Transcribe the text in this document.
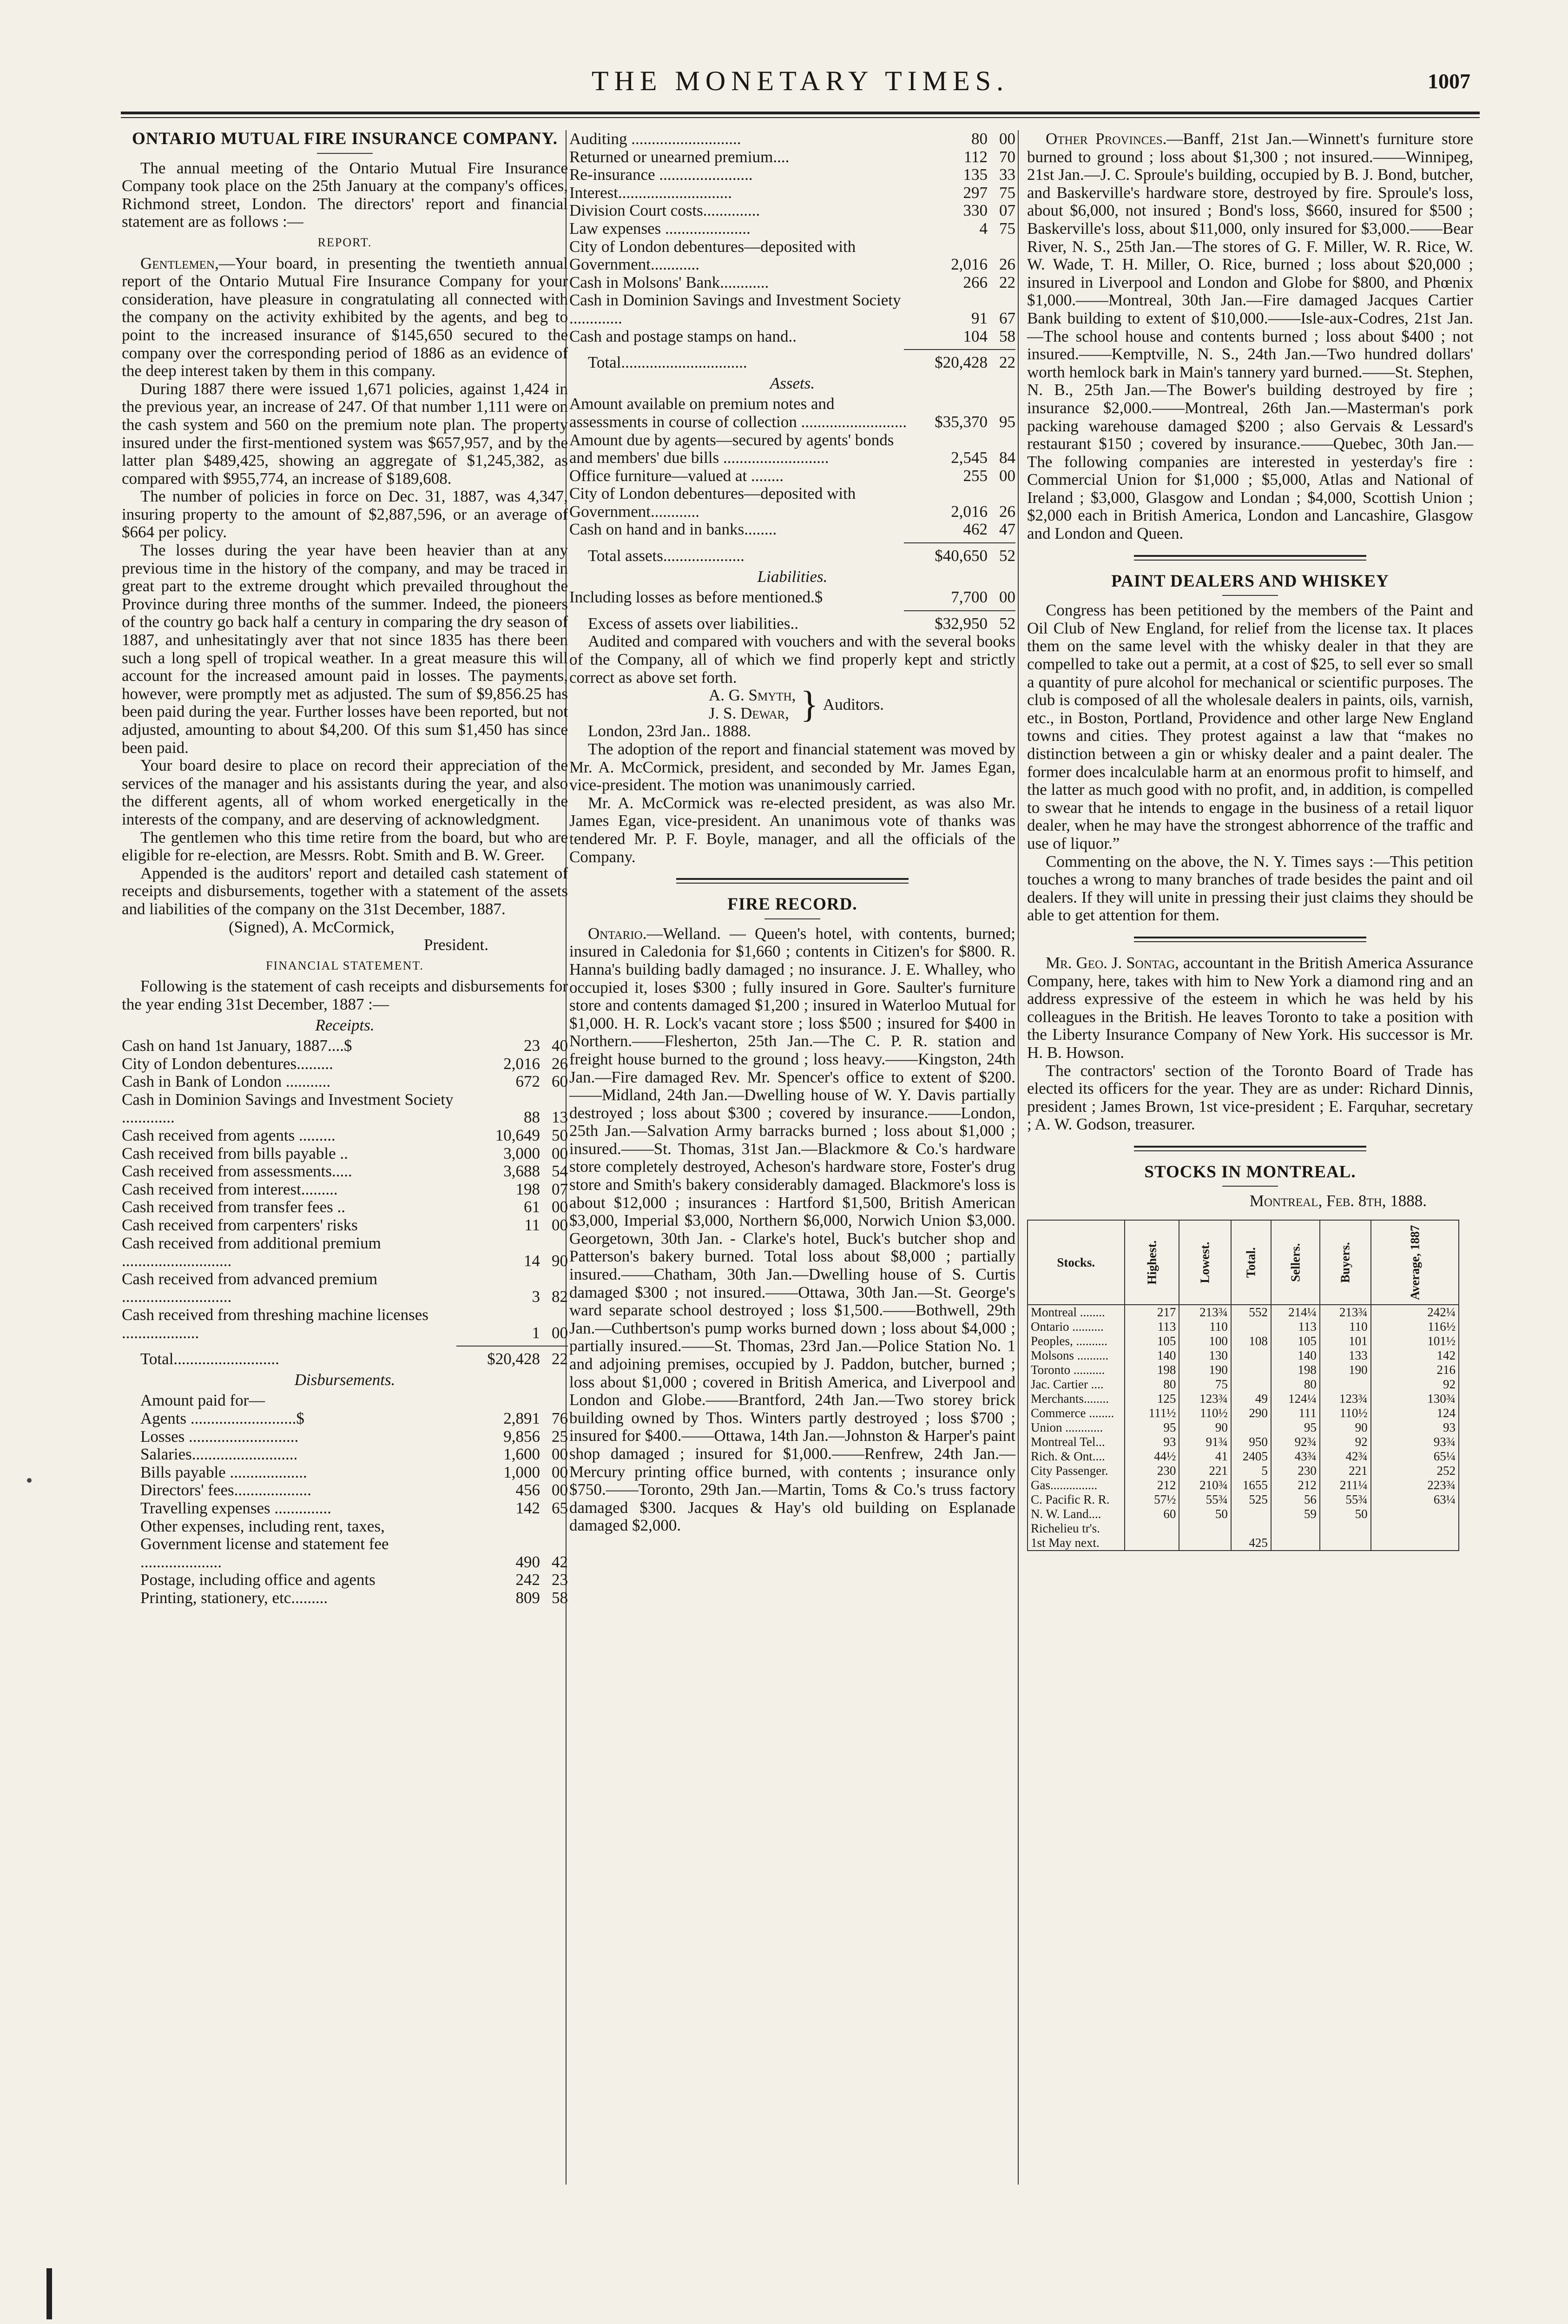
THE MONETARY TIMES.	1007
ONTARIO MUTUAL FIRE INSURANCE COMPANY.

The annual meeting of the Ontario Mutual Fire Insurance Company took place on the 25th January at the company's offices, Richmond street, London. The directors' report and financial statement are as follows :—

REPORT.

Gentlemen,—Your board, in presenting the twentieth annual report of the Ontario Mutual Fire Insurance Company for your consideration, have pleasure in congratulating all connected with the company on the activity exhibited by the agents, and beg to point to the increased insurance of $145,650 secured to the company over the corresponding period of 1886 as an evidence of the deep interest taken by them in this company.

During 1887 there were issued 1,671 policies, against 1,424 in the previous year, an increase of 247. Of that number 1,111 were on the cash system and 560 on the premium note plan. The property insured under the first-mentioned system was $657,957, and by the latter plan $489,425, showing an aggregate of $1,245,382, as compared with $955,774, an increase of $189,608.

The number of policies in force on Dec. 31, 1887, was 4,347, insuring property to the amount of $2,887,596, or an average of $664 per policy.

The losses during the year have been heavier than at any previous time in the history of the company, and may be traced in great part to the extreme drought which prevailed throughout the Province during three months of the summer. Indeed, the pioneers of the country go back half a century in comparing the dry season of 1887, and unhesitatingly aver that not since 1835 has there been such a long spell of tropical weather. In a great measure this will account for the increased amount paid in losses. The payments, however, were promptly met as adjusted. The sum of $9,856.25 has been paid during the year. Further losses have been reported, but not adjusted, amounting to about $4,200. Of this sum $1,450 has since been paid.

Your board desire to place on record their appreciation of the services of the manager and his assistants during the year, and also the different agents, all of whom worked energetically in the interests of the company, and are deserving of acknowledgment.

The gentlemen who this time retire from the board, but who are eligible for re-election, are Messrs. Robt. Smith and B. W. Greer.

Appended is the auditors' report and detailed cash statement of receipts and disbursements, together with a statement of the assets and liabilities of the company on the 31st December, 1887.

(Signed), A. McCormick,
President.
FINANCIAL STATEMENT.

Following is the statement of cash receipts and disbursements for the year ending 31st December, 1887 :—

Receipts.
Cash on hand 1st January, 1887....$	23 40
City of London debentures.........	2,016 26
Cash in Bank of London ...........	672 60
Cash in Dominion Savings and Investment Society .............	88 13
Cash received from agents .........	10,649 50
Cash received from bills payable ..	3,000 00
Cash received from assessments.....	3,688 54
Cash received from interest.........	198 07
Cash received from transfer fees ..	61 00
Cash received from carpenters' risks	11 00
Cash received from additional premium ...........................	14 90
Cash received from advanced premium ...........................	3 82
Cash received from threshing machine licenses ...................	1 00
Total..........................	$20,428 22
Disbursements.
Amount paid for—
Agents ..........................$	2,891 76
Losses ...........................	9,856 25
Salaries..........................	1,600 00
Bills payable ...................	1,000 00
Directors' fees...................	456 00
Travelling expenses ..............	142 65
Other expenses, including rent, taxes, Government license and statement fee ....................	490 42
Postage, including office and agents	242 23
Printing, stationery, etc.........	809 58
Auditing ...........................	80 00
Returned or unearned premium....	112 70
Re-insurance .......................	135 33
Interest............................	297 75
Division Court costs..............	330 07
Law expenses .....................	4 75
City of London debentures—deposited with Government............	2,016 26
Cash in Molsons' Bank............	266 22
Cash in Dominion Savings and Investment Society .............	91 67
Cash and postage stamps on hand..	104 58
Total...............................	$20,428 22
Assets.
Amount available on premium notes and assessments in course of collection ..........................	$35,370 95
Amount due by agents—secured by agents' bonds and members' due bills ..........................	2,545 84
Office furniture—valued at ........	255 00
City of London debentures—deposited with Government............	2,016 26
Cash on hand and in banks........	462 47
Total assets....................	$40,650 52
Liabilities.
Including losses as before mentioned.$	7,700 00
Excess of assets over liabilities..	$32,950 52

Audited and compared with vouchers and with the several books of the Company, all of which we find properly kept and strictly correct as above set forth.

A. G. Smyth,
J. S. Dewar, } Auditors.
London, 23rd Jan.. 1888.

The adoption of the report and financial statement was moved by Mr. A. McCormick, president, and seconded by Mr. James Egan, vice-president. The motion was unanimously carried.

Mr. A. McCormick was re-elected president, as was also Mr. James Egan, vice-president. An unanimous vote of thanks was tendered Mr. P. F. Boyle, manager, and all the officials of the Company.

FIRE RECORD.

Ontario.—Welland. — Queen's hotel, with contents, burned; insured in Caledonia for $1,660 ; contents in Citizen's for $800. R. Hanna's building badly damaged ; no insurance. J. E. Whalley, who occupied it, loses $300 ; fully insured in Gore. Saulter's furniture store and contents damaged $1,200 ; insured in Waterloo Mutual for $1,000. H. R. Lock's vacant store ; loss $500 ; insured for $400 in Northern.——Flesherton, 25th Jan.—The C. P. R. station and freight house burned to the ground ; loss heavy.——Kingston, 24th Jan.—Fire damaged Rev. Mr. Spencer's office to extent of $200.——Midland, 24th Jan.—Dwelling house of W. Y. Davis partially destroyed ; loss about $300 ; covered by insurance.——London, 25th Jan.—Salvation Army barracks burned ; loss about $1,000 ; insured.——St. Thomas, 31st Jan.—Blackmore & Co.'s hardware store completely destroyed, Acheson's hardware store, Foster's drug store and Smith's bakery considerably damaged. Blackmore's loss is about $12,000 ; insurances : Hartford $1,500, British American $3,000, Imperial $3,000, Northern $6,000, Norwich Union $3,000. Georgetown, 30th Jan. - Clarke's hotel, Buck's butcher shop and Patterson's bakery burned. Total loss about $8,000 ; partially insured.——Chatham, 30th Jan.—Dwelling house of S. Curtis damaged $300 ; not insured.——Ottawa, 30th Jan.—St. George's ward separate school destroyed ; loss $1,500.——Bothwell, 29th Jan.—Cuthbertson's pump works burned down ; loss about $4,000 ; partially insured.——St. Thomas, 23rd Jan.—Police Station No. 1 and adjoining premises, occupied by J. Paddon, butcher, burned ; loss about $1,000 ; covered in British America, and Liverpool and London and Globe.——Brantford, 24th Jan.—Two storey brick building owned by Thos. Winters partly destroyed ; loss $700 ; insured for $400.——Ottawa, 14th Jan.—Johnston & Harper's paint shop damaged ; insured for $1,000.——Renfrew, 24th Jan.—Mercury printing office burned, with contents ; insurance only $750.——Toronto, 29th Jan.—Martin, Toms & Co.'s truss factory damaged $300. Jacques & Hay's old building on Esplanade damaged $2,000.

Other Provinces.—Banff, 21st Jan.—Winnett's furniture store burned to ground ; loss about $1,300 ; not insured.——Winnipeg, 21st Jan.—J. C. Sproule's building, occupied by B. J. Bond, butcher, and Baskerville's hardware store, destroyed by fire. Sproule's loss, about $6,000, not insured ; Bond's loss, $660, insured for $500 ; Baskerville's loss, about $11,000, only insured for $3,000.——Bear River, N. S., 25th Jan.—The stores of G. F. Miller, W. R. Rice, W. W. Wade, T. H. Miller, O. Rice, burned ; loss about $20,000 ; insured in Liverpool and London and Globe for $800, and Phœnix $1,000.——Montreal, 30th Jan.—Fire damaged Jacques Cartier Bank building to extent of $10,000.——Isle-aux-Codres, 21st Jan.—The school house and contents burned ; loss about $400 ; not insured.——Kemptville, N. S., 24th Jan.—Two hundred dollars' worth hemlock bark in Main's tannery yard burned.——St. Stephen, N. B., 25th Jan.—The Bower's building destroyed by fire ; insurance $2,000.——Montreal, 26th Jan.—Masterman's pork packing warehouse damaged $200 ; also Gervais & Lessard's restaurant $150 ; covered by insurance.——Quebec, 30th Jan.—The following companies are interested in yesterday's fire : Commercial Union for $1,000 ; $5,000, Atlas and National of Ireland ; $3,000, Glasgow and Londan ; $4,000, Scottish Union ; $2,000 each in British America, London and Lancashire, Glasgow and London and Queen.

PAINT DEALERS AND WHISKEY

Congress has been petitioned by the members of the Paint and Oil Club of New England, for relief from the license tax. It places them on the same level with the whisky dealer in that they are compelled to take out a permit, at a cost of $25, to sell ever so small a quantity of pure alcohol for mechanical or scientific purposes. The club is composed of all the wholesale dealers in paints, oils, varnish, etc., in Boston, Portland, Providence and other large New England towns and cities. They protest against a law that “makes no distinction between a gin or whisky dealer and a paint dealer. The former does incalculable harm at an enormous profit to himself, and the latter as much good with no profit, and, in addition, is compelled to swear that he intends to engage in the business of a retail liquor dealer, when he may have the strongest abhorrence of the traffic and use of liquor.”

Commenting on the above, the N. Y. Times says :—This petition touches a wrong to many branches of trade besides the paint and oil dealers. If they will unite in pressing their just claims they should be able to get attention for them.

Mr. Geo. J. Sontag, accountant in the British America Assurance Company, here, takes with him to New York a diamond ring and an address expressive of the esteem in which he was held by his colleagues in the British. He leaves Toronto to take a position with the Liberty Insurance Company of New York. His successor is Mr. H. B. Howson.

The contractors' section of the Toronto Board of Trade has elected its officers for the year. They are as under: Richard Dinnis, president ; James Brown, 1st vice-president ; E. Farquhar, secretary ; A. W. Godson, treasurer.

STOCKS IN MONTREAL.
Montreal, Feb. 8th, 1888.
Stocks.	Highest.	Lowest.	Total.	Sellers.	Buyers.	Average, 1887
Montreal ........	217	213¾	552	214¼	213¾	242¼
Ontario ..........	113	110		113	110	116½
Peoples, ..........	105	100	108	105	101	101½
Molsons ..........	140	130		140	133	142
Toronto ..........	198	190		198	190	216
Jac. Cartier ....	80	75		80		92
Merchants........	125	123¾	49	124¼	123¾	130¾
Commerce ........	111½	110½	290	111	110½	124
Union ............	95	90		95	90	93
Montreal Tel...	93	91¾	950	92¾	92	93¾
Rich. & Ont....	44½	41	2405	43¾	42¾	65¼
City Passenger.	230	221	5	230	221	252
Gas...............	212	210¾	1655	212	211¼	223¾
C. Pacific R. R.	57½	55¾	525	56	55¾	63¼
N. W. Land....	60	50		59	50	
Richelieu tr's.						
1st May next.			425			
